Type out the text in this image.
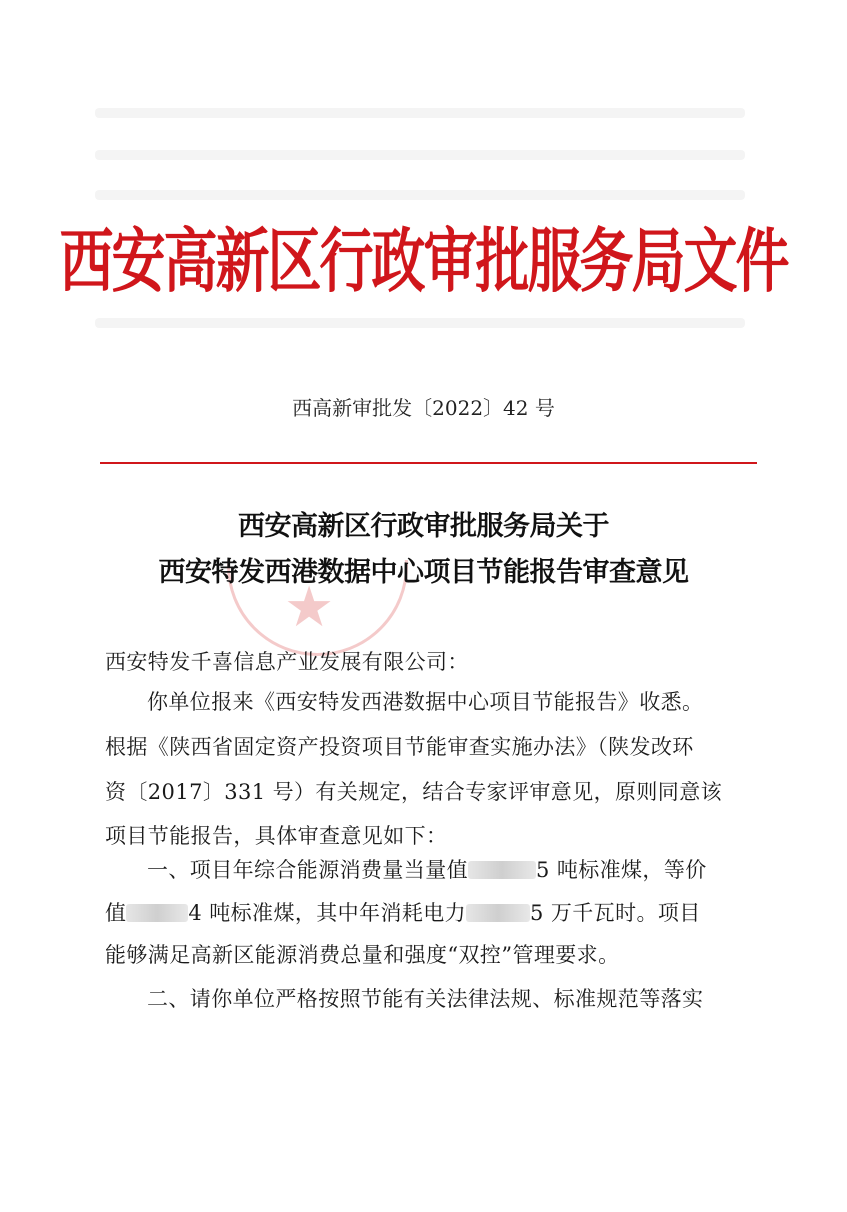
西安高新区行政审批服务局文件
西高新审批发〔2022〕42 号
★
西安高新区行政审批服务局关于
西安特发西港数据中心项目节能报告审查意见
西安特发千喜信息产业发展有限公司：
你单位报来《西安特发西港数据中心项目节能报告》收悉。
根据《陕西省固定资产投资项目节能审查实施办法》（陕发改环
资〔2017〕331 号）有关规定，结合专家评审意见，原则同意该
项目节能报告，具体审查意见如下：
一、项目年综合能源消费量当量值	5 吨标准煤，等价
值	4 吨标准煤，其中年消耗电力	5 万千瓦时。项目
能够满足高新区能源消费总量和强度“双控”管理要求。
二、请你单位严格按照节能有关法律法规、标准规范等落实
